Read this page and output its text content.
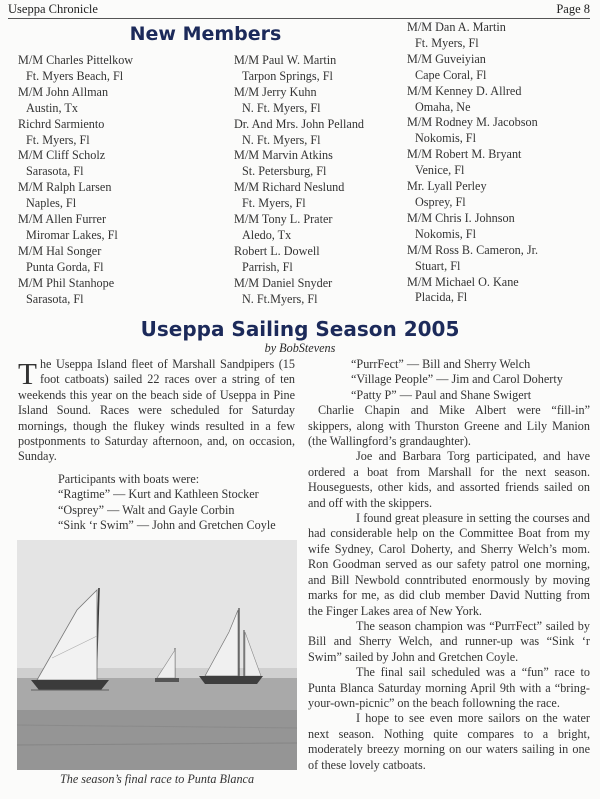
Useppa Chronicle	Page 8
New Members
M/M Charles Pittelkow
Ft. Myers Beach, Fl
M/M John Allman
Austin, Tx
Richrd Sarmiento
Ft. Myers, Fl
M/M Cliff Scholz
Sarasota, Fl
M/M Ralph Larsen
Naples, Fl
M/M Allen Furrer
Miromar Lakes, Fl
M/M Hal Songer
Punta Gorda, Fl
M/M Phil Stanhope
Sarasota, Fl
M/M Paul W. Martin
Tarpon Springs, Fl
M/M Jerry Kuhn
N. Ft. Myers, Fl
Dr. And Mrs. John Pelland
N. Ft. Myers, Fl
M/M Marvin Atkins
St. Petersburg, Fl
M/M Richard Neslund
Ft. Myers, Fl
M/M Tony L. Prater
Aledo, Tx
Robert L. Dowell
Parrish, Fl
M/M Daniel Snyder
N. Ft.Myers, Fl
M/M Dan A. Martin
Ft. Myers, Fl
M/M Guveiyian
Cape Coral, Fl
M/M Kenney D. Allred
Omaha, Ne
M/M Rodney M. Jacobson
Nokomis, Fl
M/M Robert M. Bryant
Venice, Fl
Mr. Lyall Perley
Osprey, Fl
M/M Chris I. Johnson
Nokomis, Fl
M/M Ross B. Cameron, Jr.
Stuart, Fl
M/M Michael O. Kane
Placida, Fl
Useppa Sailing Season 2005
by BobStevens

The Useppa Island fleet of Marshall Sandpipers (15 foot catboats) sailed 22 races over a string of ten weekends this year on the beach side of Useppa in Pine Island Sound. Races were scheduled for Saturday mornings, though the flukey winds resulted in a few postponments to Saturday afternoon, and, on occasion, Sunday.

Participants with boats were:
“Ragtime” — Kurt and Kathleen Stocker
“Osprey” — Walt and Gayle Corbin
“Sink ‘r Swim” — John and Gretchen Coyle
The season’s final race to Punta Blanca
“PurrFect” — Bill and Sherry Welch
“Village People” — Jim and Carol Doherty
“Patty P” — Paul and Shane Swigert

Charlie Chapin and Mike Albert were “fill-in” skippers, along with Thurston Greene and Lily Manion (the Wallingford’s grandaughter).

Joe and Barbara Torg participated, and have ordered a boat from Marshall for the next season. Houseguests, other kids, and assorted friends sailed on and off with the skippers.

I found great pleasure in setting the courses and had considerable help on the Committee Boat from my wife Sydney, Carol Doherty, and Sherry Welch’s mom. Ron Goodman served as our safety patrol one morning, and Bill Newbold conntributed enormously by moving marks for me, as did club member David Nutting from the Finger Lakes area of New York.

The season champion was “PurrFect” sailed by Bill and Sherry Welch, and runner-up was “Sink ‘r Swim” sailed by John and Gretchen Coyle.

The final sail scheduled was a “fun” race to Punta Blanca Saturday morning April 9th with a “bring-your-own-picnic” on the beach followning the race.

I hope to see even more sailors on the water next season. Nothing quite compares to a bright, moderately breezy morning on our waters sailing in one of these lovely catboats.
